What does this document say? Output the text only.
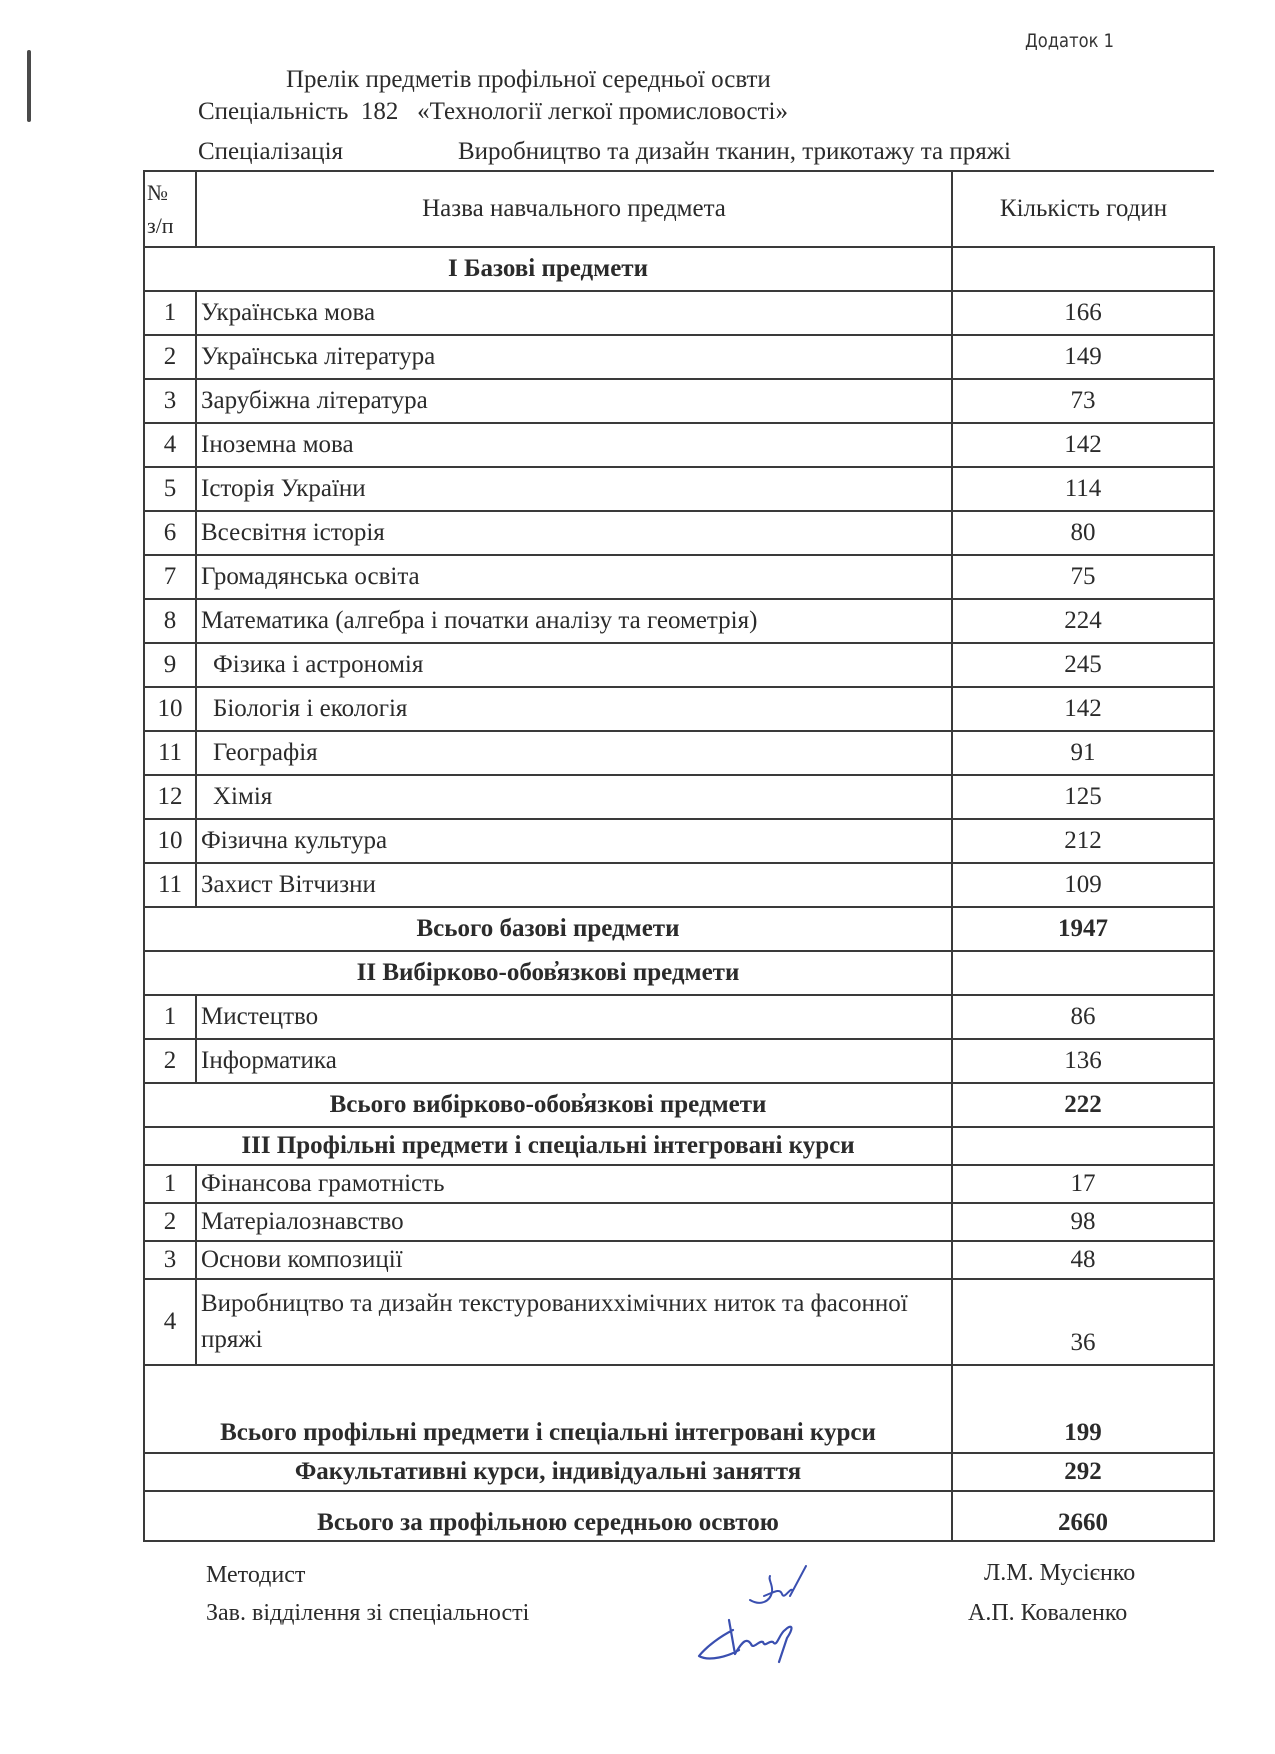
Додаток 1
Прелік предметів профільної середньої освти
Спеціальність 182 «Технології легкої промисловості»
Спеціалізація	Виробництво та дизайн тканин, трикотажу та пряжі
№
з/п	Назва навчального предмета	Кількість годин
І Базові предмети		
1	Українська мова	166
2	Українська література	149
3	Зарубіжна література	73
4	Іноземна мова	142
5	Історія України	114
6	Всесвітня історія	80
7	Громадянська освіта	75
8	Математика (алгебра і початки аналізу та геометрія)	224
9	Фізика і астрономія	245
10	Біологія і екологія	142
11	Географія	91
12	Хімія	125
10	Фізична культура	212
11	Захист Вітчизни	109
Всього базові предмети		1947
ІІ Вибірково-обов̓язкові предмети		
1	Мистецтво	86
2	Інформатика	136
Всього вибірково-обов̓язкові предмети		222
ІІІ Профільні предмети і спеціальні інтегровані курси		
1	Фінансова грамотність	17
2	Матеріалознавство	98
3	Основи композиції	48
4	Виробництво та дизайн текстурованиххімічних ниток та фасонної пряжі	36
Всього профільні предмети і спеціальні інтегровані курси		199
Факультативні курси, індивідуальні заняття		292
Всього за профільною середньою освтою		2660
Методист	Л.М. Мусієнко
Зав. відділення зі спеціальності	А.П. Коваленко
